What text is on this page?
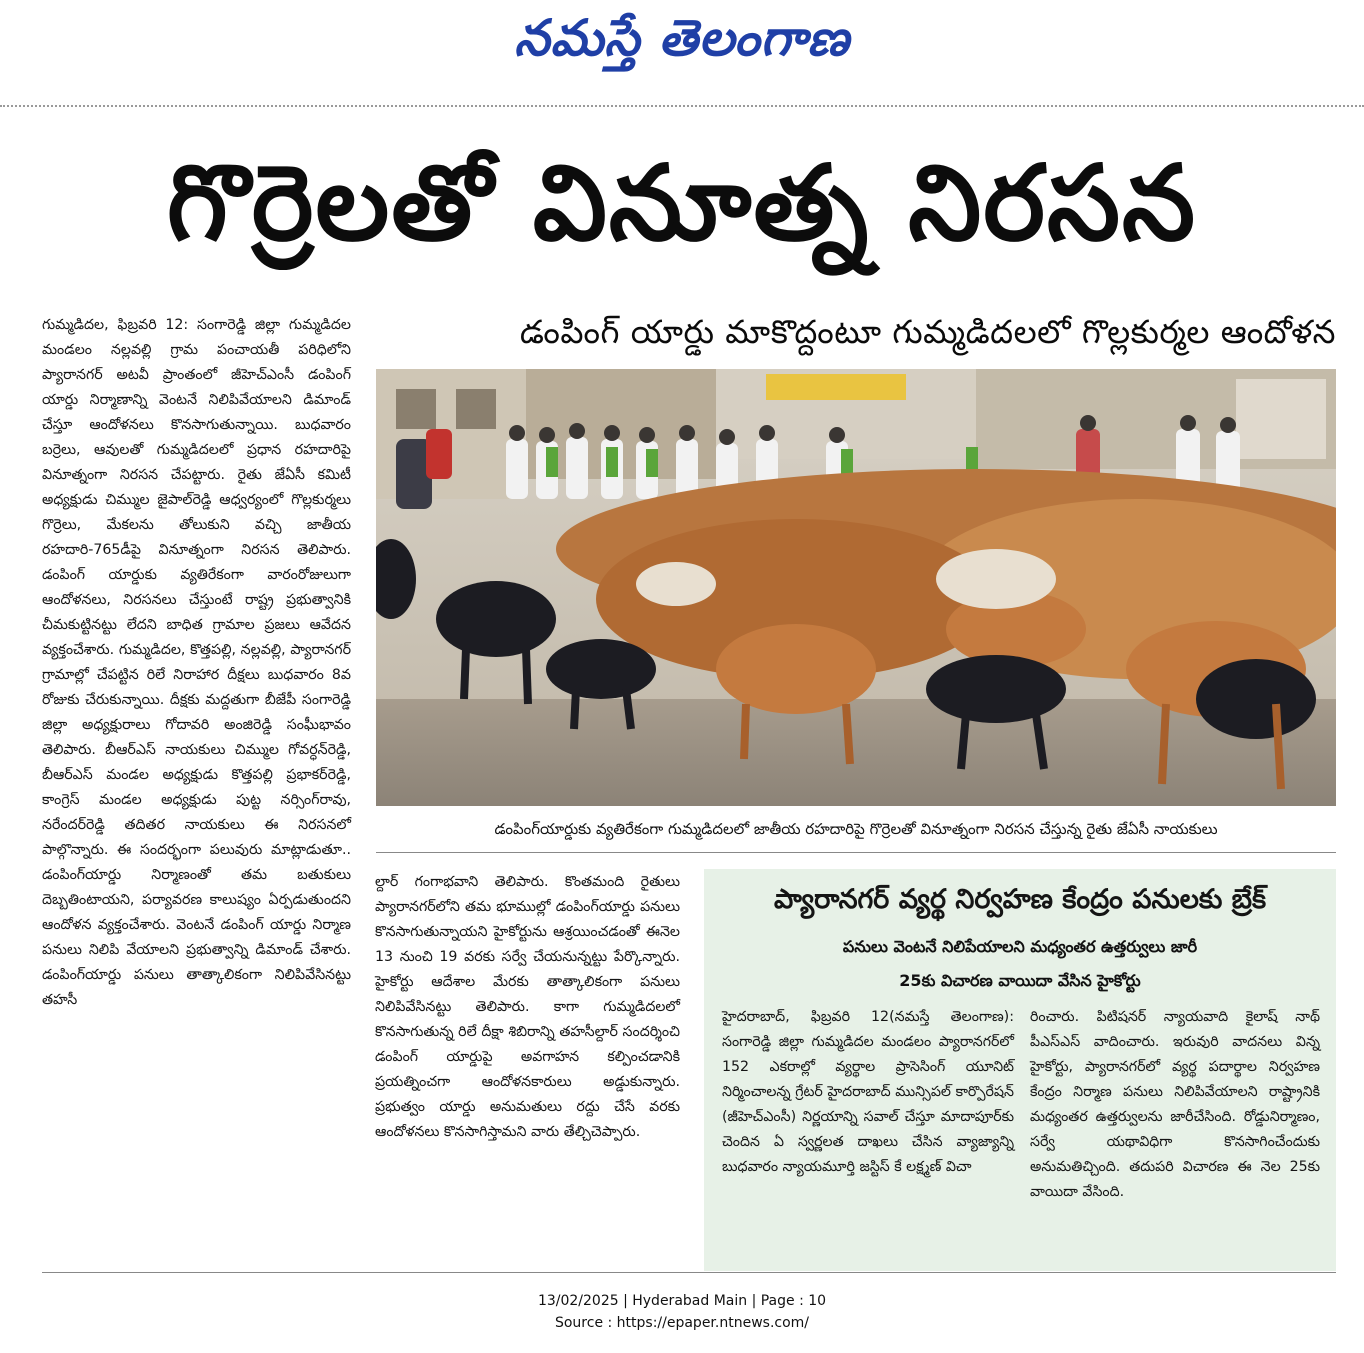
నమస్తే తెలంగాణ
గొర్రెలతో వినూత్న నిరసన
గుమ్మడిదల, ఫిబ్రవరి 12: సంగారెడ్డి జిల్లా గుమ్మడిదల మండలం నల్లవల్లి గ్రామ పంచాయతీ పరిధిలోని ప్యారానగర్ అటవీ ప్రాంతంలో జీహెచ్ఎంసీ డంపింగ్ యార్డు నిర్మాణాన్ని వెంటనే నిలిపివేయాలని డిమాండ్ చేస్తూ ఆందోళనలు కొనసాగుతున్నాయి. బుధవారం బర్రెలు, ఆవులతో గుమ్మడిదలలో ప్రధాన రహదారిపై వినూత్నంగా నిరసన చేపట్టారు. రైతు జేఏసీ కమిటీ అధ్యక్షుడు చిమ్ముల జైపాల్‌రెడ్డి ఆధ్వర్యంలో గొల్లకుర్మలు గొర్రెలు, మేకలను తోలుకుని వచ్చి జాతీయ రహదారి-765డీపై వినూత్నంగా నిరసన తెలిపారు. డంపింగ్ యార్డుకు వ్యతిరేకంగా వారంరోజులుగా ఆందోళనలు, నిరసనలు చేస్తుంటే రాష్ట్ర ప్రభుత్వానికి చీమకుట్టినట్టు లేదని బాధిత గ్రామాల ప్రజలు ఆవేదన వ్యక్తంచేశారు. గుమ్మడిదల, కొత్తపల్లి, నల్లవల్లి, ప్యారానగర్ గ్రామాల్లో చేపట్టిన రిలే నిరాహార దీక్షలు బుధవారం 8వ రోజుకు చేరుకున్నాయి. దీక్షకు మద్దతుగా బీజేపీ సంగారెడ్డి జిల్లా అధ్యక్షురాలు గోదావరి అంజిరెడ్డి సంఘీభావం తెలిపారు. బీఆర్ఎస్ నాయకులు చిమ్ముల గోవర్ధన్‌రెడ్డి, బీఆర్ఎస్ మండల అధ్యక్షుడు కొత్తపల్లి ప్రభాకర్‌రెడ్డి, కాంగ్రెస్ మండల అధ్యక్షుడు పుట్ట నర్సింగ్‌రావు, నరేందర్‌రెడ్డి తదితర నాయకులు ఈ నిరసనలో పాల్గొన్నారు. ఈ సందర్భంగా పలువురు మాట్లాడుతూ.. డంపింగ్‌యార్డు నిర్మాణంతో తమ బతుకులు దెబ్బతింటాయని, పర్యావరణ కాలుష్యం ఏర్పడుతుందని ఆందోళన వ్యక్తంచేశారు. వెంటనే డంపింగ్ యార్డు నిర్మాణ పనులు నిలిపి వేయాలని ప్రభుత్వాన్ని డిమాండ్ చేశారు. డంపింగ్‌యార్డు పనులు తాత్కాలికంగా నిలిపివేసినట్టు తహసీ
డంపింగ్ యార్డు మాకొద్దంటూ గుమ్మడిదలలో గొల్లకుర్మల ఆందోళన
డంపింగ్‌యార్డుకు వ్యతిరేకంగా గుమ్మడిదలలో జాతీయ రహదారిపై గొర్రెలతో వినూత్నంగా నిరసన చేస్తున్న రైతు జేఏసీ నాయకులు
ల్దార్ గంగాభవాని తెలిపారు. కొంతమంది రైతులు ప్యారానగర్‌లోని తమ భూముల్లో డంపింగ్‌యార్డు పనులు కొనసాగుతున్నాయని హైకోర్టును ఆశ్రయించడంతో ఈనెల 13 నుంచి 19 వరకు సర్వే చేయనున్నట్టు పేర్కొన్నారు. హైకోర్టు ఆదేశాల మేరకు తాత్కాలికంగా పనులు నిలిపివేసినట్టు తెలిపారు. కాగా గుమ్మడిదలలో కొనసాగుతున్న రిలే దీక్షా శిబిరాన్ని తహసీల్దార్ సందర్శించి డంపింగ్ యార్డుపై అవగాహన కల్పించడానికి ప్రయత్నించగా ఆందోళనకారులు అడ్డుకున్నారు. ప్రభుత్వం యార్డు అనుమతులు రద్దు చేసే వరకు ఆందోళనలు కొనసాగిస్తామని వారు తేల్చిచెప్పారు.
ప్యారానగర్ వ్యర్థ నిర్వహణ కేంద్రం పనులకు బ్రేక్
పనులు వెంటనే నిలిపేయాలని మధ్యంతర ఉత్తర్వులు జారీ
25కు విచారణ వాయిదా వేసిన హైకోర్టు
హైదరాబాద్, ఫిబ్రవరి 12(నమస్తే తెలంగాణ): సంగారెడ్డి జిల్లా గుమ్మడిదల మండలం ప్యారానగర్‌లో 152 ఎకరాల్లో వ్యర్థాల ప్రాసెసింగ్ యూనిట్ నిర్మించాలన్న గ్రేటర్ హైదరాబాద్ మున్సిపల్ కార్పొరేషన్ (జీహెచ్ఎంసీ) నిర్ణయాన్ని సవాల్ చేస్తూ మాదాపూర్‌కు చెందిన ఏ స్వర్ణలత దాఖలు చేసిన వ్యాజ్యాన్ని బుధవారం న్యాయమూర్తి జస్టిస్ కే లక్ష్మణ్ విచా
రించారు. పిటిషనర్ న్యాయవాది కైలాష్ నాథ్ పీఎస్ఎస్ వాదించారు. ఇరువురి వాదనలు విన్న హైకోర్టు, ప్యారానగర్‌లో వ్యర్థ పదార్థాల నిర్వహణ కేంద్రం నిర్మాణ పనులు నిలిపివేయాలని రాష్ట్రానికి మధ్యంతర ఉత్తర్వులను జారీచేసింది. రోడ్డునిర్మాణం, సర్వే యథావిధిగా కొనసాగించేందుకు అనుమతిచ్చింది. తదుపరి విచారణ ఈ నెల 25కు వాయిదా వేసింది.
13/02/2025 | Hyderabad Main | Page : 10
Source : https://epaper.ntnews.com/
